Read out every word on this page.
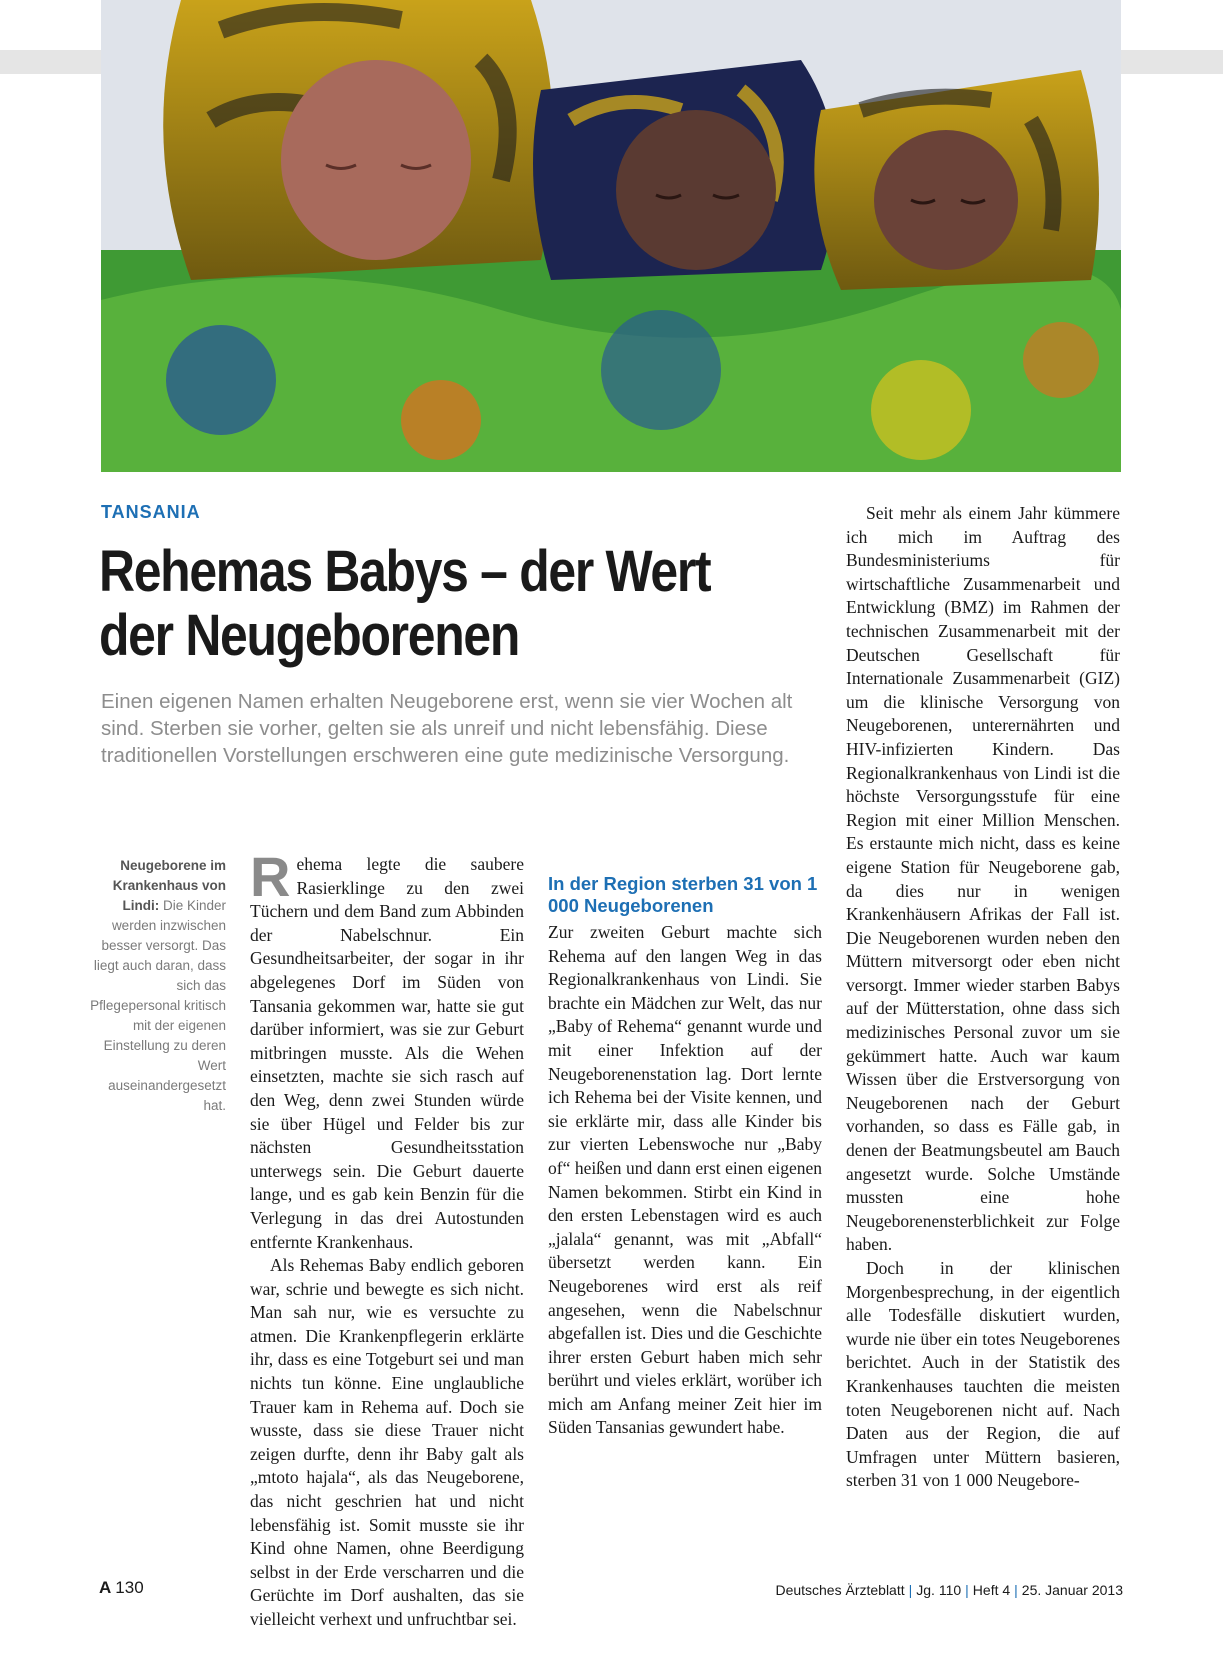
TANSANIA
Rehemas Babys – der Wert
der Neugeborenen

Einen eigenen Namen erhalten Neugeborene erst, wenn sie vier Wochen alt sind. Sterben sie vorher, gelten sie als unreif und nicht lebensfähig. Diese traditionellen Vorstellungen erschweren eine gute medizinische Versorgung.

Neugeborene im Krankenhaus von Lindi: Die Kinder werden inzwischen besser versorgt. Das liegt auch daran, dass sich das Pflegepersonal kritisch mit der eigenen Einstellung zu deren Wert auseinandergesetzt hat.

Rehema legte die saubere Rasierklinge zu den zwei Tüchern und dem Band zum Abbinden der Nabelschnur. Ein Gesundheitsarbeiter, der sogar in ihr abgelegenes Dorf im Süden von Tansania gekommen war, hatte sie gut darüber informiert, was sie zur Geburt mitbringen musste. Als die Wehen einsetzten, machte sie sich rasch auf den Weg, denn zwei Stunden würde sie über Hügel und Felder bis zur nächsten Gesundheitsstation unterwegs sein. Die Geburt dauerte lange, und es gab kein Benzin für die Verlegung in das drei Autostunden entfernte Krankenhaus.

Als Rehemas Baby endlich geboren war, schrie und bewegte es sich nicht. Man sah nur, wie es versuchte zu atmen. Die Krankenpflegerin erklärte ihr, dass es eine Totgeburt sei und man nichts tun könne. Eine unglaubliche Trauer kam in Rehema auf. Doch sie wusste, dass sie diese Trauer nicht zeigen durfte, denn ihr Baby galt als „mtoto hajala“, als das Neugeborene, das nicht geschrien hat und nicht lebensfähig ist. Somit musste sie ihr Kind ohne Namen, ohne Beerdigung selbst in der Erde verscharren und die Gerüchte im Dorf aushalten, das sie vielleicht verhext und unfruchtbar sei.

In der Region sterben 31 von 1 000 Neugeborenen

Zur zweiten Geburt machte sich Rehema auf den langen Weg in das Regionalkrankenhaus von Lindi. Sie brachte ein Mädchen zur Welt, das nur „Baby of Rehema“ genannt wurde und mit einer Infektion auf der Neugeborenenstation lag. Dort lernte ich Rehema bei der Visite kennen, und sie erklärte mir, dass alle Kinder bis zur vierten Lebenswoche nur „Baby of“ heißen und dann erst einen eigenen Namen bekommen. Stirbt ein Kind in den ersten Lebenstagen wird es auch „jalala“ genannt, was mit „Abfall“ übersetzt werden kann. Ein Neugeborenes wird erst als reif angesehen, wenn die Nabelschnur abgefallen ist. Dies und die Geschichte ihrer ersten Geburt haben mich sehr berührt und vieles erklärt, worüber ich mich am Anfang meiner Zeit hier im Süden Tansanias gewundert habe.

Seit mehr als einem Jahr kümmere ich mich im Auftrag des Bundesministeriums für wirtschaftliche Zusammenarbeit und Entwicklung (BMZ) im Rahmen der technischen Zusammenarbeit mit der Deutschen Gesellschaft für Internationale Zusammenarbeit (GIZ) um die klinische Versorgung von Neugeborenen, unterernährten und HIV-infizierten Kindern. Das Regionalkrankenhaus von Lindi ist die höchste Versorgungsstufe für eine Region mit einer Million Menschen. Es erstaunte mich nicht, dass es keine eigene Station für Neugeborene gab, da dies nur in wenigen Krankenhäusern Afrikas der Fall ist. Die Neugeborenen wurden neben den Müttern mitversorgt oder eben nicht versorgt. Immer wieder starben Babys auf der Mütterstation, ohne dass sich medizinisches Personal zuvor um sie gekümmert hatte. Auch war kaum Wissen über die Erstversorgung von Neugeborenen nach der Geburt vorhanden, so dass es Fälle gab, in denen der Beatmungsbeutel am Bauch angesetzt wurde. Solche Umstände mussten eine hohe Neugeborenensterblichkeit zur Folge haben.

Doch in der klinischen Morgenbesprechung, in der eigentlich alle Todesfälle diskutiert wurden, wurde nie über ein totes Neugeborenes berichtet. Auch in der Statistik des Krankenhauses tauchten die meisten toten Neugeborenen nicht auf. Nach Daten aus der Region, die auf Umfragen unter Müttern basieren, sterben 31 von 1 000 Neugebore-

A 130	Deutsches Ärzteblatt | Jg. 110 | Heft 4 | 25. Januar 2013
